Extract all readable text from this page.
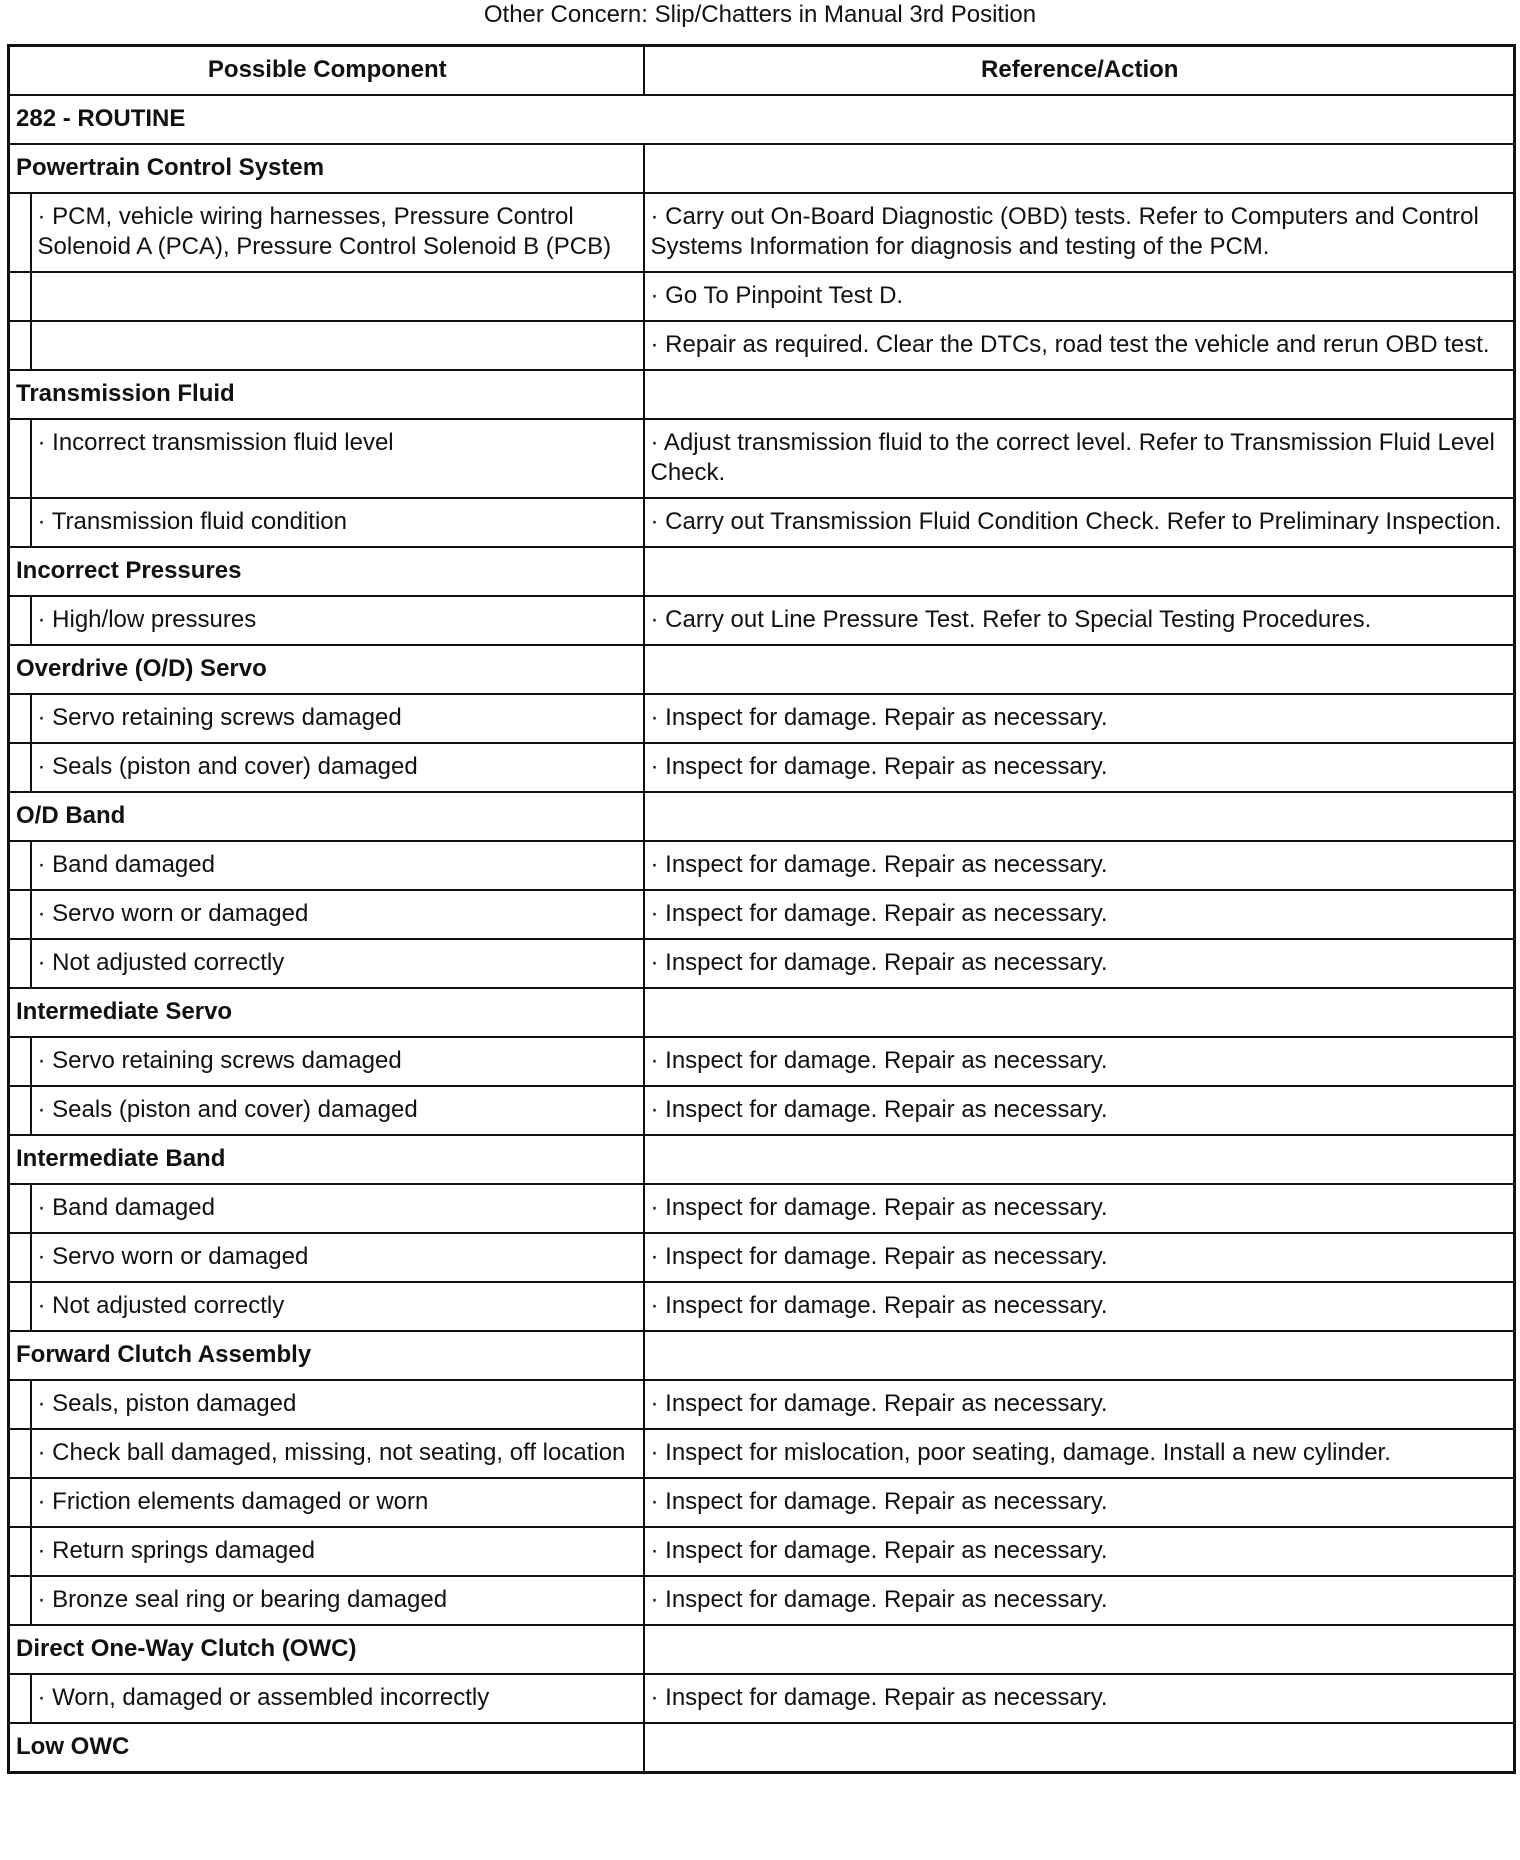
Other Concern: Slip/Chatters in Manual 3rd Position
Possible Component		Reference/Action
282 - ROUTINE		
Powertrain Control System		
	· PCM, vehicle wiring harnesses, Pressure Control Solenoid A (PCA), Pressure Control Solenoid B (PCB)	· Carry out On-Board Diagnostic (OBD) tests. Refer to Computers and Control Systems Information for diagnosis and testing of the PCM.
		· Go To Pinpoint Test D.
		· Repair as required. Clear the DTCs, road test the vehicle and rerun OBD test.
Transmission Fluid		
	· Incorrect transmission fluid level	· Adjust transmission fluid to the correct level. Refer to Transmission Fluid Level Check.
	· Transmission fluid condition	· Carry out Transmission Fluid Condition Check. Refer to Preliminary Inspection.
Incorrect Pressures		
	· High/low pressures	· Carry out Line Pressure Test. Refer to Special Testing Procedures.
Overdrive (O/D) Servo		
	· Servo retaining screws damaged	· Inspect for damage. Repair as necessary.
	· Seals (piston and cover) damaged	· Inspect for damage. Repair as necessary.
O/D Band		
	· Band damaged	· Inspect for damage. Repair as necessary.
	· Servo worn or damaged	· Inspect for damage. Repair as necessary.
	· Not adjusted correctly	· Inspect for damage. Repair as necessary.
Intermediate Servo		
	· Servo retaining screws damaged	· Inspect for damage. Repair as necessary.
	· Seals (piston and cover) damaged	· Inspect for damage. Repair as necessary.
Intermediate Band		
	· Band damaged	· Inspect for damage. Repair as necessary.
	· Servo worn or damaged	· Inspect for damage. Repair as necessary.
	· Not adjusted correctly	· Inspect for damage. Repair as necessary.
Forward Clutch Assembly		
	· Seals, piston damaged	· Inspect for damage. Repair as necessary.
	· Check ball damaged, missing, not seating, off location	· Inspect for mislocation, poor seating, damage. Install a new cylinder.
	· Friction elements damaged or worn	· Inspect for damage. Repair as necessary.
	· Return springs damaged	· Inspect for damage. Repair as necessary.
	· Bronze seal ring or bearing damaged	· Inspect for damage. Repair as necessary.
Direct One-Way Clutch (OWC)		
	· Worn, damaged or assembled incorrectly	· Inspect for damage. Repair as necessary.
Low OWC		
